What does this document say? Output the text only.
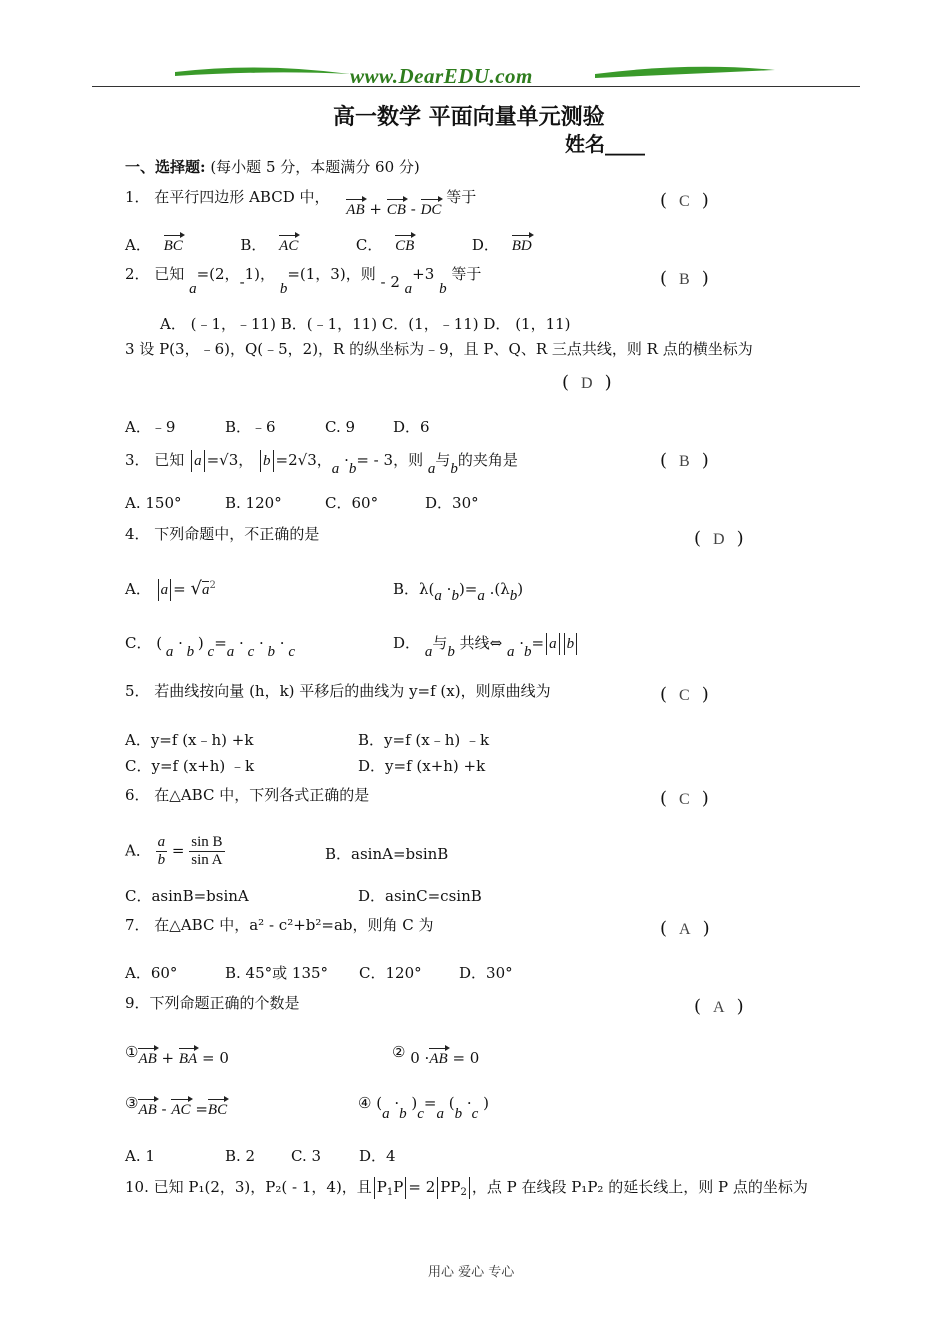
www.DearEDU.com
高一数学 平面向量单元测验
姓名____
一、选择题: (每小题 5 分，本题满分 60 分)
1． 在平行四边形 ABCD 中， AB + CB - DC 等于	( C )
A． BC	B． AC	C． CB	D． BD
2． 已知 a=(2，-1)， b=(1，3)，则 - 2 a+3 b 等于	( B )
A． (﹣1，﹣11) B．(﹣1，11) C．(1，﹣11) D． (1，11)
3 设 P(3，﹣6)，Q(﹣5，2)，R 的纵坐标为﹣9，且 P、Q、R 三点共线，则 R 点的横坐标为
( D )
A．﹣9	B．﹣6	C. 9	D．6
3． 已知 a =√3， b =2√3，a ·b= - 3，则 a与b的夹角是	( B )
A. 150°	B. 120°	C．60°	D．30°
4． 下列命题中，不正确的是	( D )
A． $a = √a^2$	B．λ(a ·b)=a .(λb)
C． ( a · b ) c=a · c · b · c	D． a与b 共线⇔ a ·b= a b
5． 若曲线按向量 (h，k) 平移后的曲线为 y=f (x)，则原曲线为	( C )
A．y=f (x﹣h) +k	B．y=f (x﹣h) ﹣k
C．y=f (x+h) ﹣k	D．y=f (x+h) +k
6． 在△ABC 中，下列各式正确的是	( C )
A． $\frac{a}{b} = \frac{\text{sin B}}{\text{sin A}}$	B．asinA=bsinB
C．asinB=bsinA	D．asinC=csinB
7． 在△ABC 中，a² - c²+b²=ab，则角 C 为	( A )
A．60°	B. 45°或 135° C．120° D．30°
9．下列命题正确的个数是	( A )
①AB + BA = 0	② 0 ·AB = 0
③AB - AC =BC	④ (a ·b )c=a (b ·c )
A. 1	B. 2 C. 3	D．4
10. 已知 P₁(2，3)，P₂( - 1，4)，且 $P_1P = 2$ $PP_2$ ，点 P 在线段 P₁P₂ 的延长线上，则 P 点的坐标为
用心 爱心 专心
